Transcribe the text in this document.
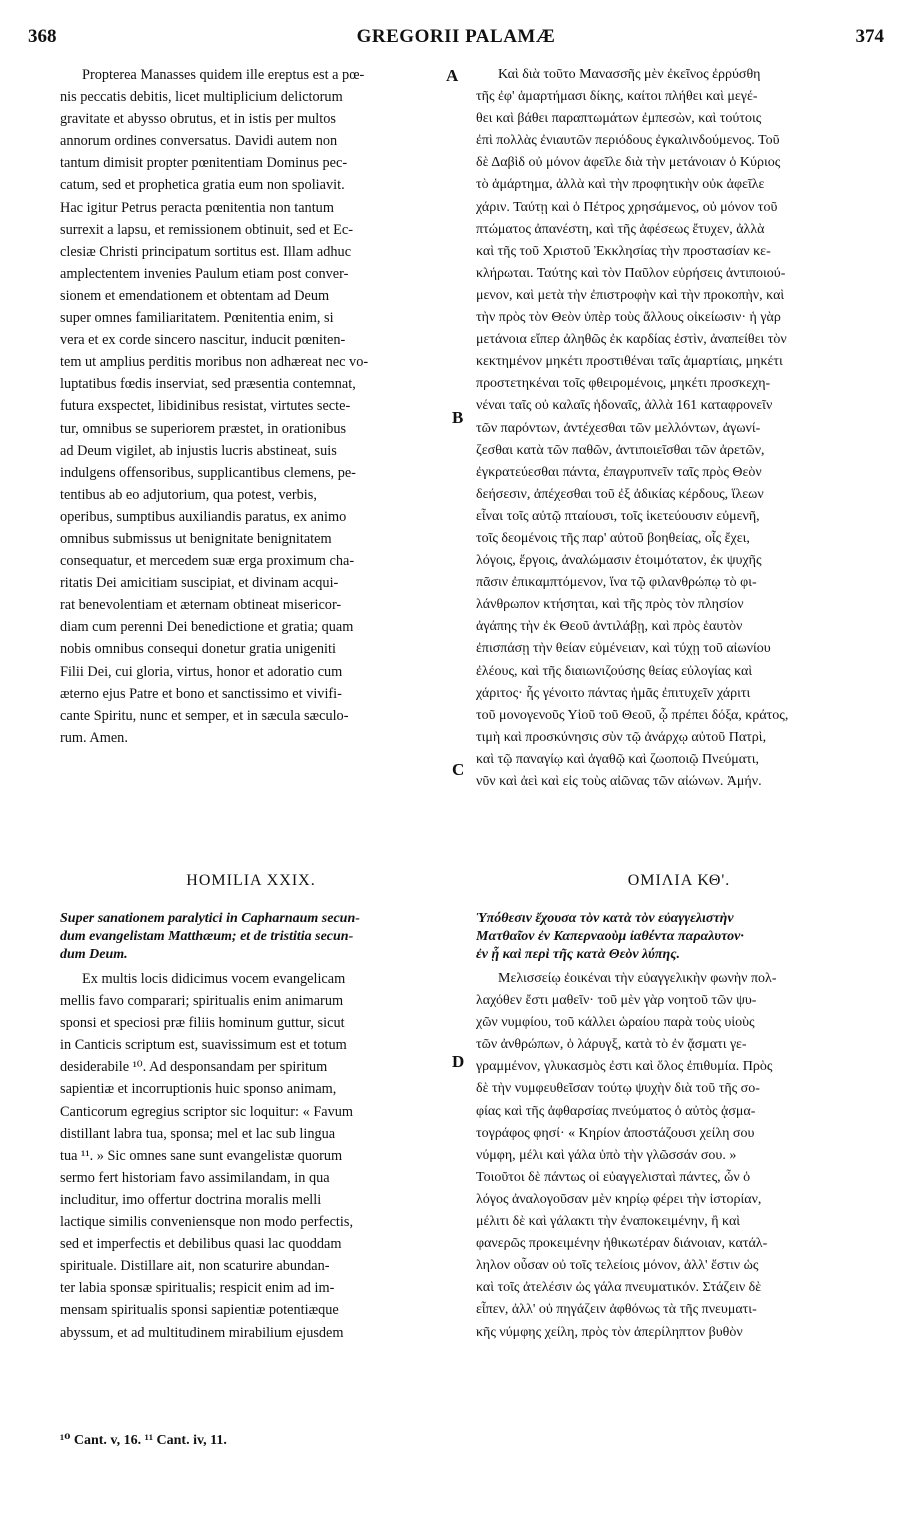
GREGORII PALAMÆ
368	374
A
B
C
D
Propterea Manasses quidem ille ereptus est a pœ-
nis peccatis debitis, licet multiplicium delictorum
gravitate et abysso obrutus, et in istis per multos
annorum ordines conversatus. Davidi autem non
tantum dimisit propter pœnitentiam Dominus pec-
catum, sed et prophetica gratia eum non spoliavit.
Hac igitur Petrus peracta pœnitentia non tantum
surrexit a lapsu, et remissionem obtinuit, sed et Ec-
clesiæ Christi principatum sortitus est. Illam adhuc
amplectentem invenies Paulum etiam post conver-
sionem et emendationem et obtentam ad Deum
super omnes familiaritatem. Pœnitentia enim, si
vera et ex corde sincero nascitur, inducit pœniten-
tem ut amplius perditis moribus non adhæreat nec vo-
luptatibus fœdis inserviat, sed præsentia contemnat,
futura exspectet, libidinibus resistat, virtutes secte-
tur, omnibus se superiorem præstet, in orationibus
ad Deum vigilet, ab injustis lucris abstineat, suis
indulgens offensoribus, supplicantibus clemens, pe-
tentibus ab eo adjutorium, qua potest, verbis,
operibus, sumptibus auxiliandis paratus, ex animo
omnibus submissus ut benignitate benignitatem
consequatur, et mercedem suæ erga proximum cha-
ritatis Dei amicitiam suscipiat, et divinam acqui-
rat benevolentiam et æternam obtineat misericor-
diam cum perenni Dei benedictione et gratia; quam
nobis omnibus consequi donetur gratia unigeniti
Filii Dei, cui gloria, virtus, honor et adoratio cum
æterno ejus Patre et bono et sanctissimo et vivifi-
cante Spiritu, nunc et semper, et in sæcula sæculo-
rum. Amen.
Καὶ διὰ τοῦτο Μανασσῆς μὲν ἐκεῖνος ἐρρύσθη
τῆς ἐφ' ἁμαρτήμασι δίκης, καίτοι πλήθει καὶ μεγέ-
θει καὶ βάθει παραπτωμάτων ἐμπεσὼν, καὶ τούτοις
ἐπὶ πολλὰς ἐνιαυτῶν περιόδους ἐγκαλινδούμενος. Τοῦ
δὲ Δαβὶδ οὐ μόνον ἀφεῖλε διὰ τὴν μετάνοιαν ὁ Κύριος
τὸ ἁμάρτημα, ἀλλὰ καὶ τὴν προφητικὴν οὐκ ἀφεῖλε
χάριν. Ταύτῃ καὶ ὁ Πέτρος χρησάμενος, οὐ μόνον τοῦ
πτώματος ἀπανέστη, καὶ τῆς ἀφέσεως ἔτυχεν, ἀλλὰ
καὶ τῆς τοῦ Χριστοῦ Ἐκκλησίας τὴν προστασίαν κε-
κλήρωται. Ταύτης καὶ τὸν Παῦλον εὑρήσεις ἀντιποιού-
μενον, καὶ μετὰ τὴν ἐπιστροφὴν καὶ τὴν προκοπὴν, καὶ
τὴν πρὸς τὸν Θεὸν ὑπὲρ τοὺς ἄλλους οἰκείωσιν· ἡ γὰρ
μετάνοια εἴπερ ἀληθῶς ἐκ καρδίας ἐστὶν, ἀναπείθει τὸν
κεκτημένον μηκέτι προστιθέναι ταῖς ἁμαρτίαις, μηκέτι
προστετηκέναι τοῖς φθειρομένοις, μηκέτι προσκεχη-
νέναι ταῖς οὐ καλαῖς ἡδοναῖς, ἀλλὰ 161 καταφρονεῖν
τῶν παρόντων, ἀντέχεσθαι τῶν μελλόντων, ἀγωνί-
ζεσθαι κατὰ τῶν παθῶν, ἀντιποιεῖσθαι τῶν ἀρετῶν,
ἐγκρατεύεσθαι πάντα, ἐπαγρυπνεῖν ταῖς πρὸς Θεὸν
δεήσεσιν, ἀπέχεσθαι τοῦ ἐξ ἀδικίας κέρδους, ἵλεων
εἶναι τοῖς αὐτῷ πταίουσι, τοῖς ἱκετεύουσιν εὐμενῆ,
τοῖς δεομένοις τῆς παρ' αὐτοῦ βοηθείας, οἷς ἔχει,
λόγοις, ἔργοις, ἀναλώμασιν ἑτοιμότατον, ἐκ ψυχῆς
πᾶσιν ἐπικαμπτόμενον, ἵνα τῷ φιλανθρώπῳ τὸ φι-
λάνθρωπον κτήσηται, καὶ τῆς πρὸς τὸν πλησίον
ἀγάπης τὴν ἐκ Θεοῦ ἀντιλάβῃ, καὶ πρὸς ἑαυτὸν
ἐπισπάσῃ τὴν θείαν εὐμένειαν, καὶ τύχῃ τοῦ αἰωνίου
ἐλέους, καὶ τῆς διαιωνιζούσης θείας εὐλογίας καὶ
χάριτος· ἧς γένοιτο πάντας ἡμᾶς ἐπιτυχεῖν χάριτι
τοῦ μονογενοῦς Υἱοῦ τοῦ Θεοῦ, ᾧ πρέπει δόξα, κράτος,
τιμὴ καὶ προσκύνησις σὺν τῷ ἀνάρχῳ αὐτοῦ Πατρὶ,
καὶ τῷ παναγίῳ καὶ ἀγαθῷ καὶ ζωοποιῷ Πνεύματι,
νῦν καὶ ἀεὶ καὶ εἰς τοὺς αἰῶνας τῶν αἰώνων. Ἀμήν.
HOMILIA XXIX.	ΟΜΙΛΙΑ ΚΘ'.
Super sanationem paralytici in Capharnaum secun-
dum evangelistam Matthæum; et de tristitia secun-
dum Deum.
Ὑπόθεσιν ἔχουσα τὸν κατὰ τὸν εὐαγγελιστὴν
Ματθαῖον ἐν Καπερναοὺμ ἰαθέντα παραλυτον·
ἐν ᾗ καὶ περὶ τῆς κατὰ Θεὸν λύπης.
Ex multis locis didicimus vocem evangelicam
mellis favo comparari; spiritualis enim animarum
sponsi et speciosi præ filiis hominum guttur, sicut
in Canticis scriptum est, suavissimum est et totum
desiderabile ¹⁰. Ad desponsandam per spiritum
sapientiæ et incorruptionis huic sponso animam,
Canticorum egregius scriptor sic loquitur: « Favum
distillant labra tua, sponsa; mel et lac sub lingua
tua ¹¹. » Sic omnes sane sunt evangelistæ quorum
sermo fert historiam favo assimilandam, in qua
includitur, imo offertur doctrina moralis melli
lactique similis conveniensque non modo perfectis,
sed et imperfectis et debilibus quasi lac quoddam
spirituale. Distillare ait, non scaturire abundan-
ter labia sponsæ spiritualis; respicit enim ad im-
mensam spiritualis sponsi sapientiæ potentiæque
abyssum, et ad multitudinem mirabilium ejusdem
Μελισσείῳ ἐοικέναι τὴν εὐαγγελικὴν φωνὴν πολ-
λαχόθεν ἔστι μαθεῖν· τοῦ μὲν γὰρ νοητοῦ τῶν ψυ-
χῶν νυμφίου, τοῦ κάλλει ὡραίου παρὰ τοὺς υἱοὺς
τῶν ἀνθρώπων, ὁ λάρυγξ, κατὰ τὸ ἐν ᾄσματι γε-
γραμμένον, γλυκασμὸς ἐστι καὶ ὅλος ἐπιθυμία. Πρὸς
δὲ τὴν νυμφευθεῖσαν τούτῳ ψυχὴν διὰ τοῦ τῆς σο-
φίας καὶ τῆς ἀφθαρσίας πνεύματος ὁ αὐτὸς ᾀσμα-
τογράφος φησί· « Κηρίον ἀποστάζουσι χείλη σου
νύμφη, μέλι καὶ γάλα ὑπὸ τὴν γλῶσσάν σου. »
Τοιοῦτοι δὲ πάντως οἱ εὐαγγελισταὶ πάντες, ὧν ὁ
λόγος ἀναλογοῦσαν μὲν κηρίῳ φέρει τὴν ἱστορίαν,
μέλιτι δὲ καὶ γάλακτι τὴν ἐναποκειμένην, ἢ καὶ
φανερῶς προκειμένην ἠθικωτέραν διάνοιαν, κατάλ-
ληλον οὖσαν οὐ τοῖς τελείοις μόνον, ἀλλ' ἔστιν ὡς
καὶ τοῖς ἀτελέσιν ὡς γάλα πνευματικόν. Στάζειν δὲ
εἶπεν, ἀλλ' οὐ πηγάζειν ἀφθόνως τὰ τῆς πνευματι-
κῆς νύμφης χείλη, πρὸς τὸν ἀπερίληπτον βυθὸν
¹⁰ Cant. v, 16. ¹¹ Cant. iv, 11.
